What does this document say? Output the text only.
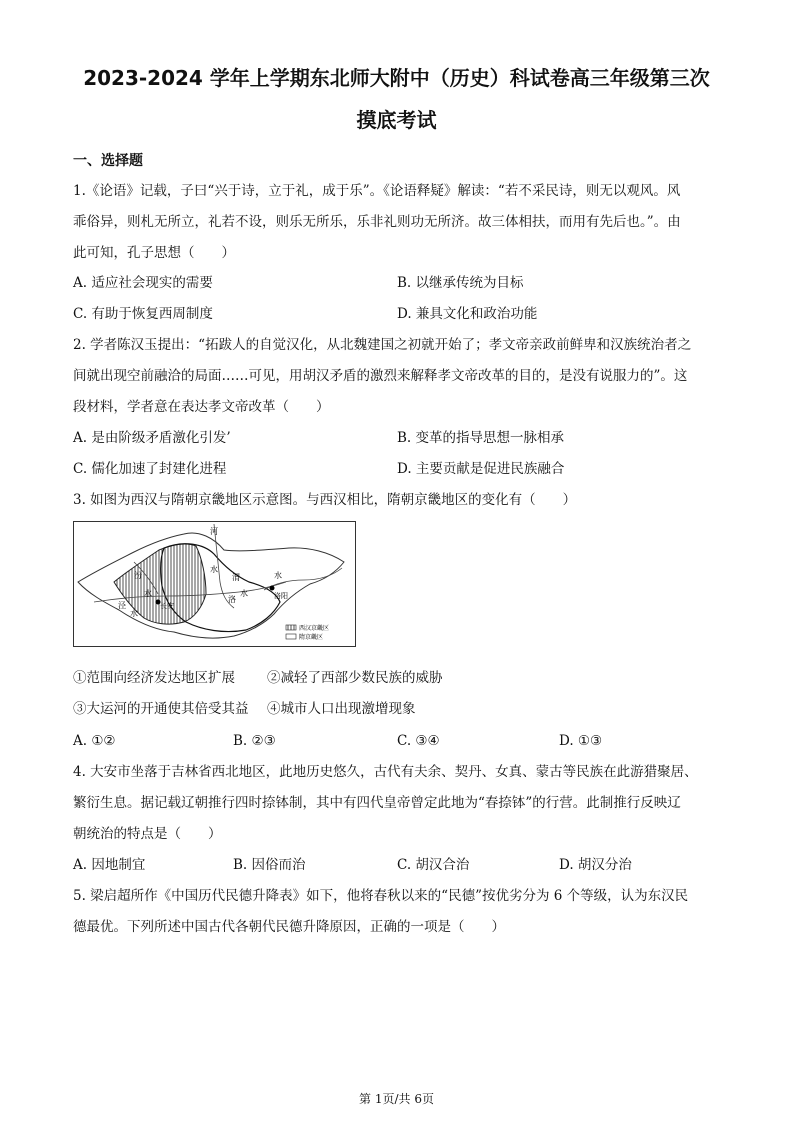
2023-2024 学年上学期东北师大附中（历史）科试卷高三年级第三次
摸底考试
一、选择题
1.《论语》记载，子曰“兴于诗，立于礼，成于乐”。《论语释疑》解读：“若不采民诗，则无以观风。风
乖俗异，则札无所立，礼若不设，则乐无所乐，乐非礼则功无所济。故三体相扶，而用有先后也。”。由
此可知，孔子思想（　　）
A. 适应社会现实的需要	B. 以继承传统为目标
C. 有助于恢复西周制度	D. 兼具文化和政治功能
2. 学者陈汉玉提出：“拓跋人的自觉汉化，从北魏建国之初就开始了；孝文帝亲政前鲜卑和汉族统治者之
间就出现空前融洽的局面……可见，用胡汉矛盾的激烈来解释孝文帝改革的目的，是没有说服力的”。这
段材料，学者意在表达孝文帝改革（　　）
A. 是由阶级矛盾激化引发’	B. 变革的指导思想一脉相承
C. 儒化加速了封建化进程	D. 主要贡献是促进民族融合
3. 如图为西汉与隋朝京畿地区示意图。与西汉相比，隋朝京畿地区的变化有（　　）
河
水
汾
水
渭	水
长安
洛阳
洛
水
泾
水
西汉京畿区
隋京畿区
①范围向经济发达地区扩展 ②减轻了西部少数民族的威胁
③大运河的开通使其倍受其益 ④城市人口出现激增现象
A. ①②	B. ②③	C. ③④	D. ①③
4. 大安市坐落于吉林省西北地区，此地历史悠久，古代有夫余、契丹、女真、蒙古等民族在此游猎聚居、
繁衍生息。据记载辽朝推行四时捺钵制，其中有四代皇帝曾定此地为“春捺钵”的行营。此制推行反映辽
朝统治的特点是（　　）
A. 因地制宜	B. 因俗而治	C. 胡汉合治	D. 胡汉分治
5. 梁启超所作《中国历代民德升降表》如下，他将春秋以来的“民德”按优劣分为 6 个等级，认为东汉民
德最优。下列所述中国古代各朝代民德升降原因，正确的一项是（　　）
第 1页/共 6页
